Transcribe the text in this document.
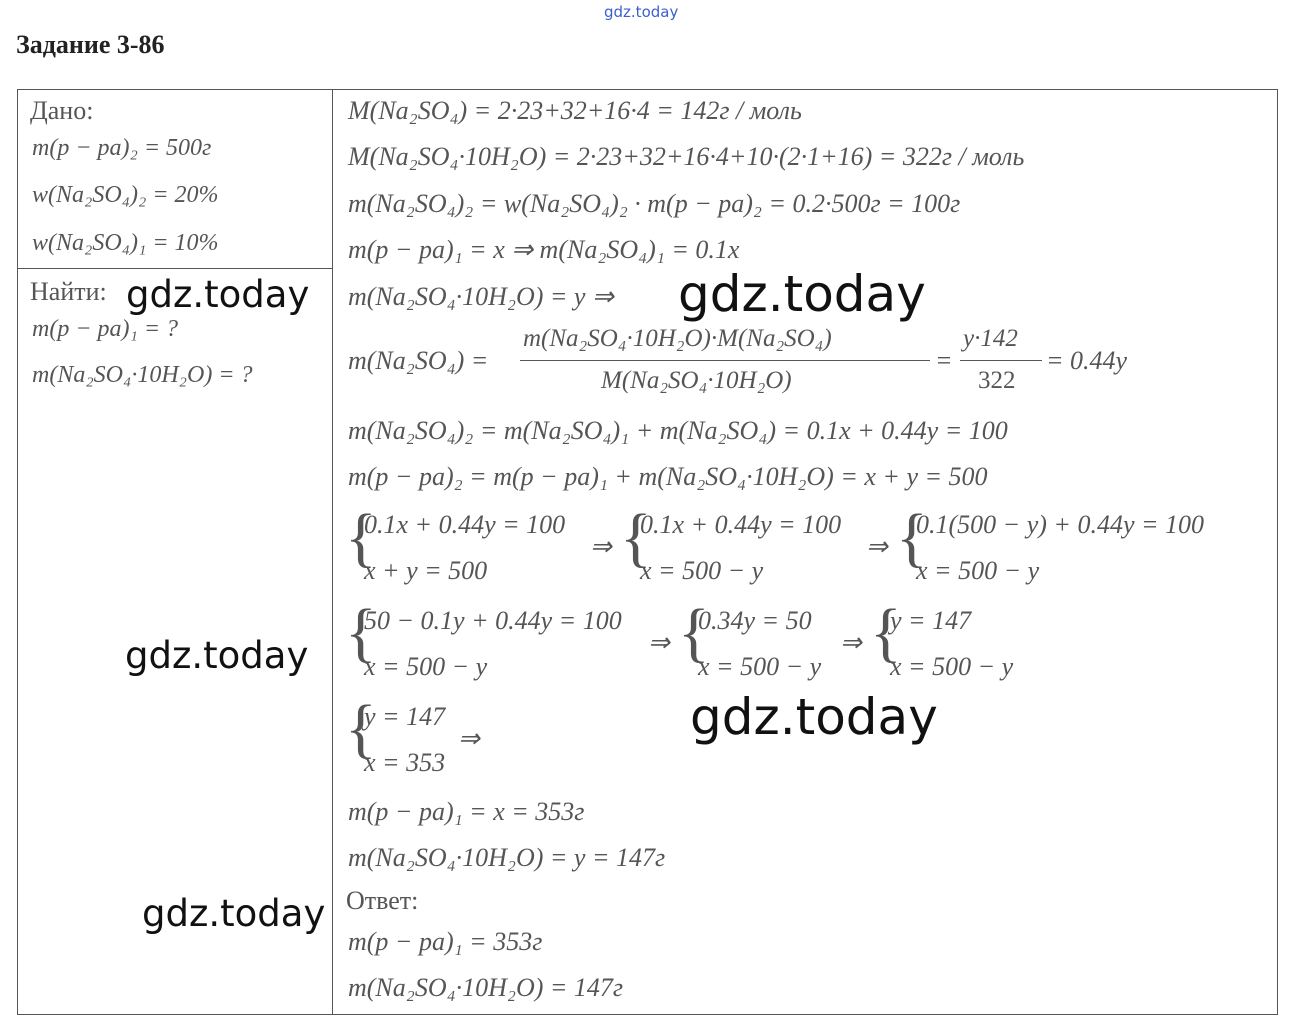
gdz.today
Задание 3-86
Дано:
m(p − pa)₂ = 500г
w(Na₂SO₄)₂ = 20%
w(Na₂SO₄)₁ = 10%
Найти:
m(p − pa)₁ = ?
m(Na₂SO₄·10H₂O) = ?
M(Na₂SO₄) = 2·23+32+16·4 = 142г / моль
M(Na₂SO₄·10H₂O) = 2·23+32+16·4+10·(2·1+16) = 322г / моль
m(Na₂SO₄)₂ = w(Na₂SO₄)₂ · m(p − pa)₂ = 0.2·500г = 100г
m(p − pa)₁ = x ⇒ m(Na₂SO₄)₁ = 0.1x
m(Na₂SO₄·10H₂O) = y ⇒
m(Na₂SO₄) =
m(Na₂SO₄·10H₂O)·M(Na₂SO₄)
M(Na₂SO₄·10H₂O)
=
y·142
322
= 0.44y
m(Na₂SO₄)₂ = m(Na₂SO₄)₁ + m(Na₂SO₄) = 0.1x + 0.44y = 100
m(p − pa)₂ = m(p − pa)₁ + m(Na₂SO₄·10H₂O) = x + y = 500
{
0.1x + 0.44y = 100
x + y = 500
⇒ {
0.1x + 0.44y = 100
x = 500 − y
⇒ {
0.1(500 − y) + 0.44y = 100
x = 500 − y
{
50 − 0.1y + 0.44y = 100
x = 500 − y
⇒ {
0.34y = 50
x = 500 − y
⇒ {
y = 147
x = 500 − y
{
y = 147
x = 353
⇒
m(p − pa)₁ = x = 353г
m(Na₂SO₄·10H₂O) = y = 147г
Ответ:
m(p − pa)₁ = 353г
m(Na₂SO₄·10H₂O) = 147г
gdz.today	gdz.today
gdz.today
gdz.today
gdz.today
